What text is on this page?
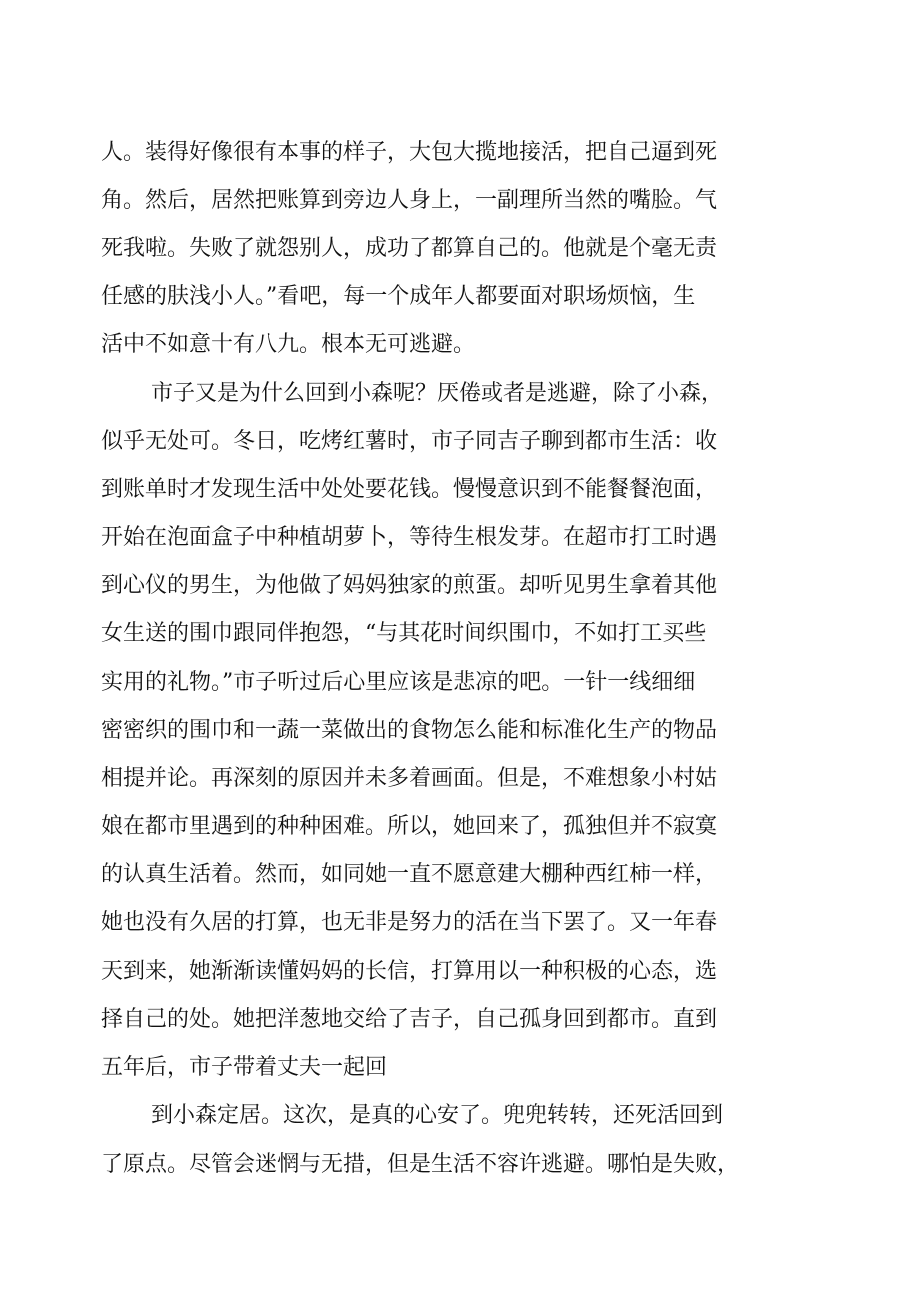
人。装得好像很有本事的样子，大包大揽地接活，把自己逼到死
角。然后，居然把账算到旁边人身上，一副理所当然的嘴脸。气
死我啦。失败了就怨别人，成功了都算自己的。他就是个毫无责
任感的肤浅小人。”看吧，每一个成年人都要面对职场烦恼，生
活中不如意十有八九。根本无可逃避。
市子又是为什么回到小森呢？厌倦或者是逃避，除了小森，
似乎无处可。冬日，吃烤红薯时，市子同吉子聊到都市生活：收
到账单时才发现生活中处处要花钱。慢慢意识到不能餐餐泡面，
开始在泡面盒子中种植胡萝卜，等待生根发芽。在超市打工时遇
到心仪的男生，为他做了妈妈独家的煎蛋。却听见男生拿着其他
女生送的围巾跟同伴抱怨，“与其花时间织围巾，不如打工买些
实用的礼物。”市子听过后心里应该是悲凉的吧。一针一线细细
密密织的围巾和一蔬一菜做出的食物怎么能和标准化生产的物品
相提并论。再深刻的原因并未多着画面。但是，不难想象小村姑
娘在都市里遇到的种种困难。所以，她回来了，孤独但并不寂寞
的认真生活着。然而，如同她一直不愿意建大棚种西红柿一样，
她也没有久居的打算，也无非是努力的活在当下罢了。又一年春
天到来，她渐渐读懂妈妈的长信，打算用以一种积极的心态，选
择自己的处。她把洋葱地交给了吉子，自己孤身回到都市。直到
五年后，市子带着丈夫一起回
到小森定居。这次，是真的心安了。兜兜转转，还死活回到
了原点。尽管会迷惘与无措，但是生活不容许逃避。哪怕是失败，
